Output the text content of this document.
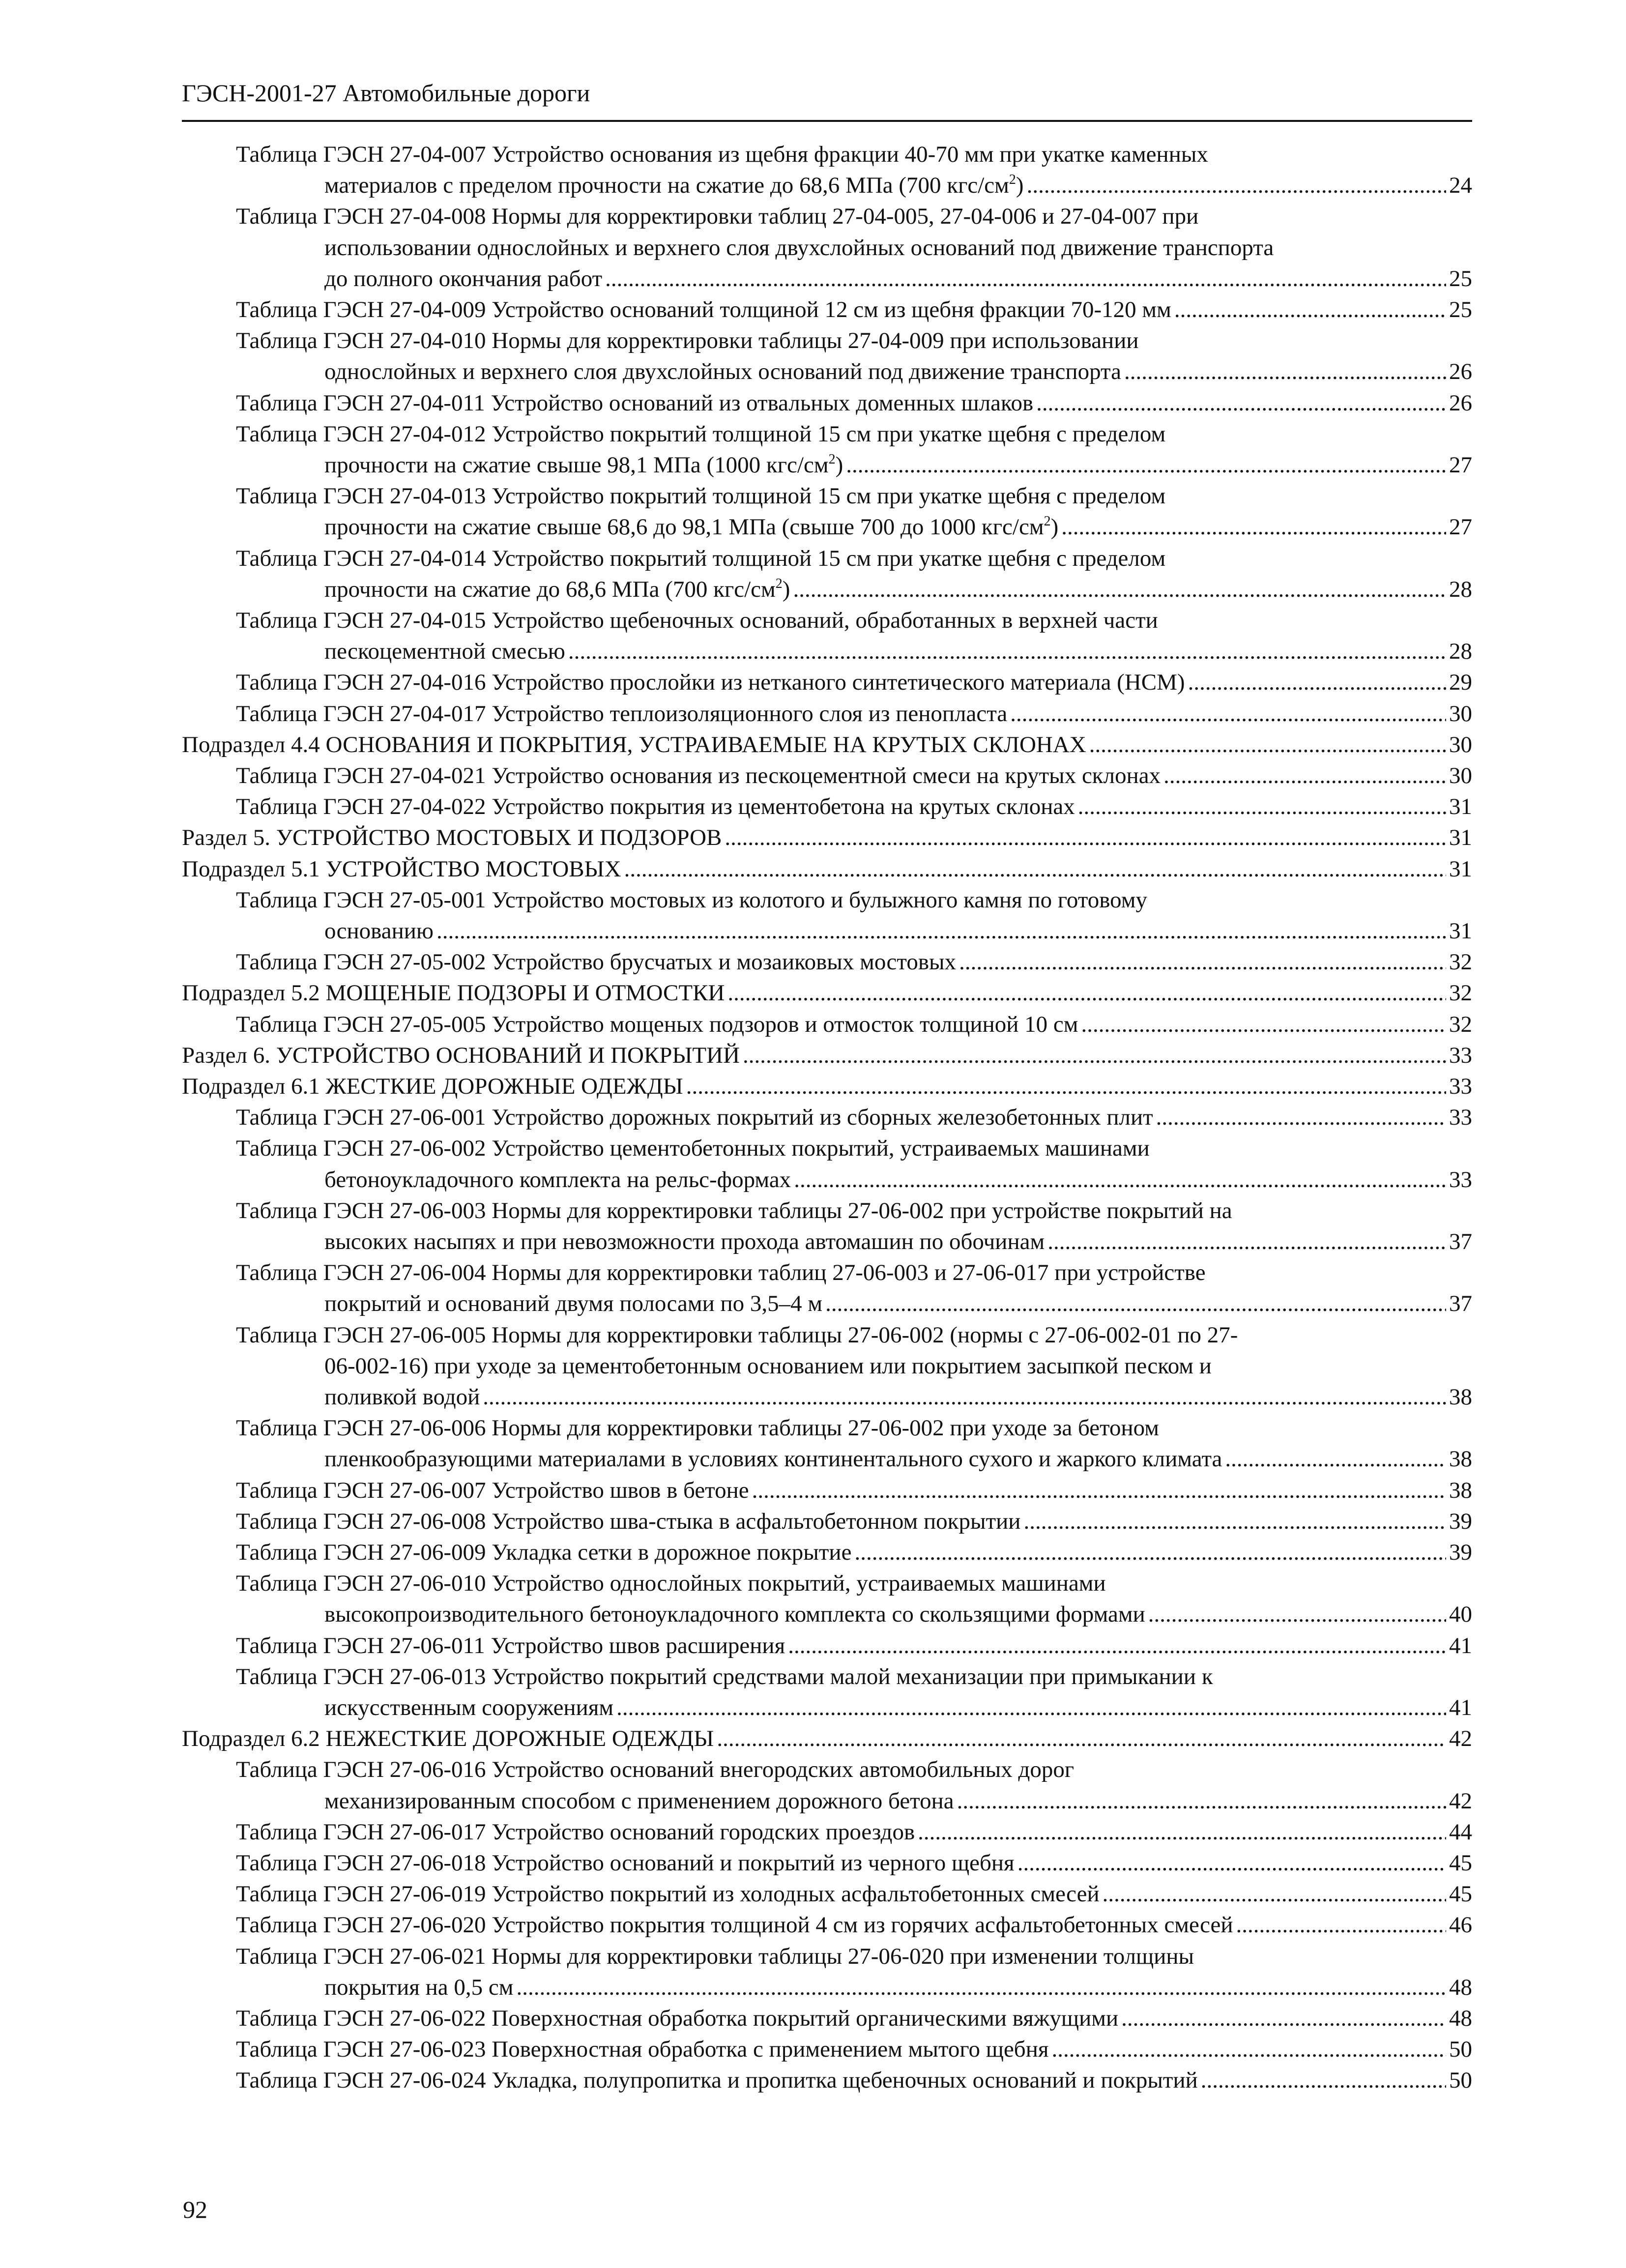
ГЭСН-2001-27 Автомобильные дороги
Таблица ГЭСН 27-04-007 Устройство основания из щебня фракции 40-70 мм при укатке каменных
материалов с пределом прочности на сжатие до 68,6 МПа (700 кгс/$см^2$) .....	24
Таблица ГЭСН 27-04-008 Нормы для корректировки таблиц 27-04-005, 27-04-006 и 27-04-007 при
использовании однослойных и верхнего слоя двухслойных оснований под движение транспорта
до полного окончания работ .....	25
Таблица ГЭСН 27-04-009 Устройство оснований толщиной 12 см из щебня фракции 70-120 мм .....	25
Таблица ГЭСН 27-04-010 Нормы для корректировки таблицы 27-04-009 при использовании
однослойных и верхнего слоя двухслойных оснований под движение транспорта .....	26
Таблица ГЭСН 27-04-011 Устройство оснований из отвальных доменных шлаков .....	26
Таблица ГЭСН 27-04-012 Устройство покрытий толщиной 15 см при укатке щебня с пределом
прочности на сжатие свыше 98,1 МПа (1000 кгс/$см^2$) .....	27
Таблица ГЭСН 27-04-013 Устройство покрытий толщиной 15 см при укатке щебня с пределом
прочности на сжатие свыше 68,6 до 98,1 МПа (свыше 700 до 1000 кгс/$см^2$) .....	27
Таблица ГЭСН 27-04-014 Устройство покрытий толщиной 15 см при укатке щебня с пределом
прочности на сжатие до 68,6 МПа (700 кгс/$см^2$) .....	28
Таблица ГЭСН 27-04-015 Устройство щебеночных оснований, обработанных в верхней части
пескоцементной смесью .....	28
Таблица ГЭСН 27-04-016 Устройство прослойки из нетканого синтетического материала (НСМ) .....	29
Таблица ГЭСН 27-04-017 Устройство теплоизоляционного слоя из пенопласта .....	30
Подраздел 4.4 ОСНОВАНИЯ И ПОКРЫТИЯ, УСТРАИВАЕМЫЕ НА КРУТЫХ СКЛОНАХ .....	30
Таблица ГЭСН 27-04-021 Устройство основания из пескоцементной смеси на крутых склонах .....	30
Таблица ГЭСН 27-04-022 Устройство покрытия из цементобетона на крутых склонах .....	31
Раздел 5. УСТРОЙСТВО МОСТОВЫХ И ПОДЗОРОВ .....	31
Подраздел 5.1 УСТРОЙСТВО МОСТОВЫХ .....	31
Таблица ГЭСН 27-05-001 Устройство мостовых из колотого и булыжного камня по готовому
основанию .....	31
Таблица ГЭСН 27-05-002 Устройство брусчатых и мозаиковых мостовых .....	32
Подраздел 5.2 МОЩЕНЫЕ ПОДЗОРЫ И ОТМОСТКИ .....	32
Таблица ГЭСН 27-05-005 Устройство мощеных подзоров и отмосток толщиной 10 см .....	32
Раздел 6. УСТРОЙСТВО ОСНОВАНИЙ И ПОКРЫТИЙ .....	33
Подраздел 6.1 ЖЕСТКИЕ ДОРОЖНЫЕ ОДЕЖДЫ .....	33
Таблица ГЭСН 27-06-001 Устройство дорожных покрытий из сборных железобетонных плит .....	33
Таблица ГЭСН 27-06-002 Устройство цементобетонных покрытий, устраиваемых машинами
бетоноукладочного комплекта на рельс-формах .....	33
Таблица ГЭСН 27-06-003 Нормы для корректировки таблицы 27-06-002 при устройстве покрытий на
высоких насыпях и при невозможности прохода автомашин по обочинам .....	37
Таблица ГЭСН 27-06-004 Нормы для корректировки таблиц 27-06-003 и 27-06-017 при устройстве
покрытий и оснований двумя полосами по 3,5–4 м .....	37
Таблица ГЭСН 27-06-005 Нормы для корректировки таблицы 27-06-002 (нормы с 27-06-002-01 по 27-
06-002-16) при уходе за цементобетонным основанием или покрытием засыпкой песком и
поливкой водой .....	38
Таблица ГЭСН 27-06-006 Нормы для корректировки таблицы 27-06-002 при уходе за бетоном
пленкообразующими материалами в условиях континентального сухого и жаркого климата .....	38
Таблица ГЭСН 27-06-007 Устройство швов в бетоне .....	38
Таблица ГЭСН 27-06-008 Устройство шва-стыка в асфальтобетонном покрытии .....	39
Таблица ГЭСН 27-06-009 Укладка сетки в дорожное покрытие .....	39
Таблица ГЭСН 27-06-010 Устройство однослойных покрытий, устраиваемых машинами
высокопроизводительного бетоноукладочного комплекта со скользящими формами .....	40
Таблица ГЭСН 27-06-011 Устройство швов расширения .....	41
Таблица ГЭСН 27-06-013 Устройство покрытий средствами малой механизации при примыкании к
искусственным сооружениям .....	41
Подраздел 6.2 НЕЖЕСТКИЕ ДОРОЖНЫЕ ОДЕЖДЫ .....	42
Таблица ГЭСН 27-06-016 Устройство оснований внегородских автомобильных дорог
механизированным способом с применением дорожного бетона .....	42
Таблица ГЭСН 27-06-017 Устройство оснований городских проездов .....	44
Таблица ГЭСН 27-06-018 Устройство оснований и покрытий из черного щебня .....	45
Таблица ГЭСН 27-06-019 Устройство покрытий из холодных асфальтобетонных смесей .....	45
Таблица ГЭСН 27-06-020 Устройство покрытия толщиной 4 см из горячих асфальтобетонных смесей .....	46
Таблица ГЭСН 27-06-021 Нормы для корректировки таблицы 27-06-020 при изменении толщины
покрытия на 0,5 см .....	48
Таблица ГЭСН 27-06-022 Поверхностная обработка покрытий органическими вяжущими .....	48
Таблица ГЭСН 27-06-023 Поверхностная обработка с применением мытого щебня .....	50
Таблица ГЭСН 27-06-024 Укладка, полупропитка и пропитка щебеночных оснований и покрытий .....	50
92
